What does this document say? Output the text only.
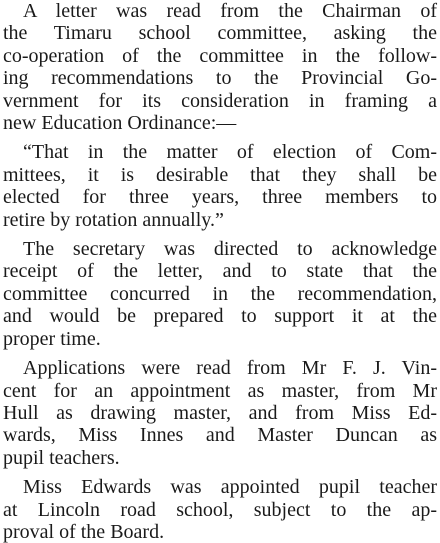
A letter was read from the Chairman of
the Timaru school committee, asking the
co-operation of the committee in the follow-
ing recommendations to the Provincial Go-
vernment for its consideration in framing a
new Education Ordinance:—
“That in the matter of election of Com-
mittees, it is desirable that they shall be
elected for three years, three members to
retire by rotation annually.”
The secretary was directed to acknowledge
receipt of the letter, and to state that the
committee concurred in the recommendation,
and would be prepared to support it at the
proper time.
Applications were read from Mr F. J. Vin-
cent for an appointment as master, from Mr
Hull as drawing master, and from Miss Ed-
wards, Miss Innes and Master Duncan as
pupil teachers.
Miss Edwards was appointed pupil teacher
at Lincoln road school, subject to the ap-
proval of the Board.
